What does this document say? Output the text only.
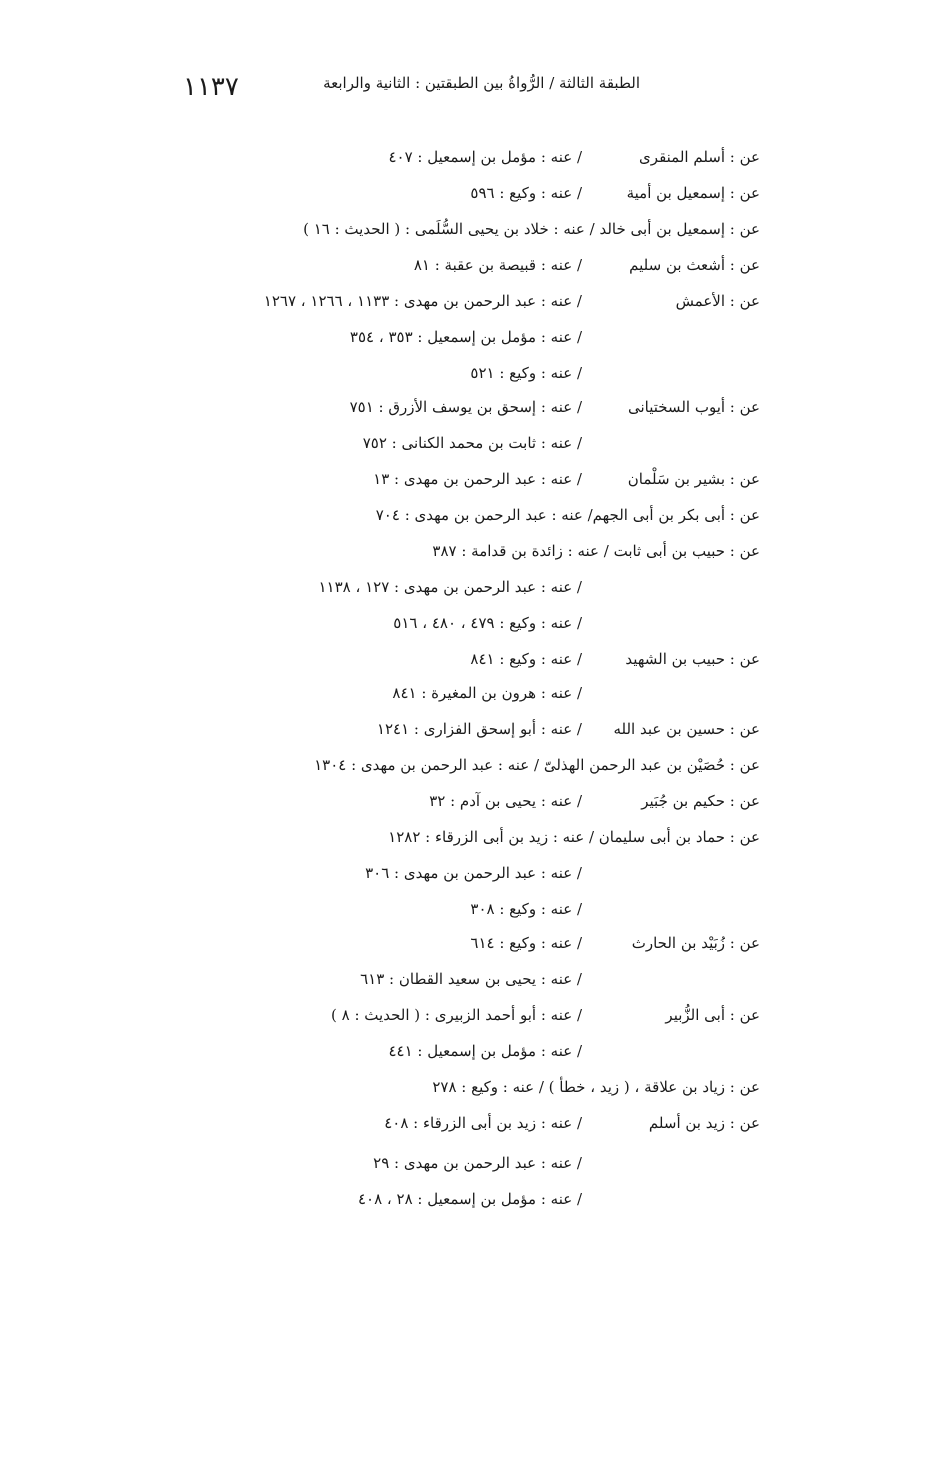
الطبقة الثالثة / الرُّواةُ بين الطبقتين : الثانية والرابعة
١١٣٧
عن : أسلم المنقرى
/ عنه : مؤمل بن إسمعيل : ٤٠٧
عن : إسمعيل بن أمية
/ عنه : وكيع : ٥٩٦
عن : إسمعيل بن أبى خالد / عنه : خلاد بن يحيى السُّلَمى : ( الحديث : ١٦ )
عن : أشعث بن سليم
/ عنه : قبيصة بن عقبة : ٨١
عن : الأعمش
/ عنه : عبد الرحمن بن مهدى : ١١٣٣ ، ١٢٦٦ ، ١٢٦٧
/ عنه : مؤمل بن إسمعيل : ٣٥٣ ، ٣٥٤
/ عنه : وكيع : ٥٢١
عن : أيوب السختيانى
/ عنه : إسحق بن يوسف الأزرق : ٧٥١
/ عنه : ثابت بن محمد الكنانى : ٧٥٢
عن : بشير بن سَلْمان
/ عنه : عبد الرحمن بن مهدى : ١٣
عن : أبى بكر بن أبى الجهم/ عنه : عبد الرحمن بن مهدى : ٧٠٤
عن : حبيب بن أبى ثابت / عنه : زائدة بن قدامة : ٣٨٧
/ عنه : عبد الرحمن بن مهدى : ١٢٧ ، ١١٣٨
/ عنه : وكيع : ٤٧٩ ، ٤٨٠ ، ٥١٦
عن : حبيب بن الشهيد
/ عنه : وكيع : ٨٤١
/ عنه : هرون بن المغيرة : ٨٤١
عن : حسين بن عبد الله
/ عنه : أبو إسحق الفزارى : ١٢٤١
عن : حُصَيْن بن عبد الرحمن الهذلىّ / عنه : عبد الرحمن بن مهدى : ١٣٠٤
عن : حكيم بن جُبَير
/ عنه : يحيى بن آدم : ٣٢
عن : حماد بن أبى سليمان / عنه : زيد بن أبى الزرقاء : ١٢٨٢
/ عنه : عبد الرحمن بن مهدى : ٣٠٦
/ عنه : وكيع : ٣٠٨
عن : زُبَيْد بن الحارث
/ عنه : وكيع : ٦١٤
/ عنه : يحيى بن سعيد القطان : ٦١٣
عن : أبى الزُّبير
/ عنه : أبو أحمد الزبيرى : ( الحديث : ٨ )
/ عنه : مؤمل بن إسمعيل : ٤٤١
عن : زياد بن علاقة ، ( زيد ، خطأ ) / عنه : وكيع : ٢٧٨
عن : زيد بن أسلم
/ عنه : زيد بن أبى الزرقاء : ٤٠٨
/ عنه : عبد الرحمن بن مهدى : ٢٩
/ عنه : مؤمل بن إسمعيل : ٢٨ ، ٤٠٨
